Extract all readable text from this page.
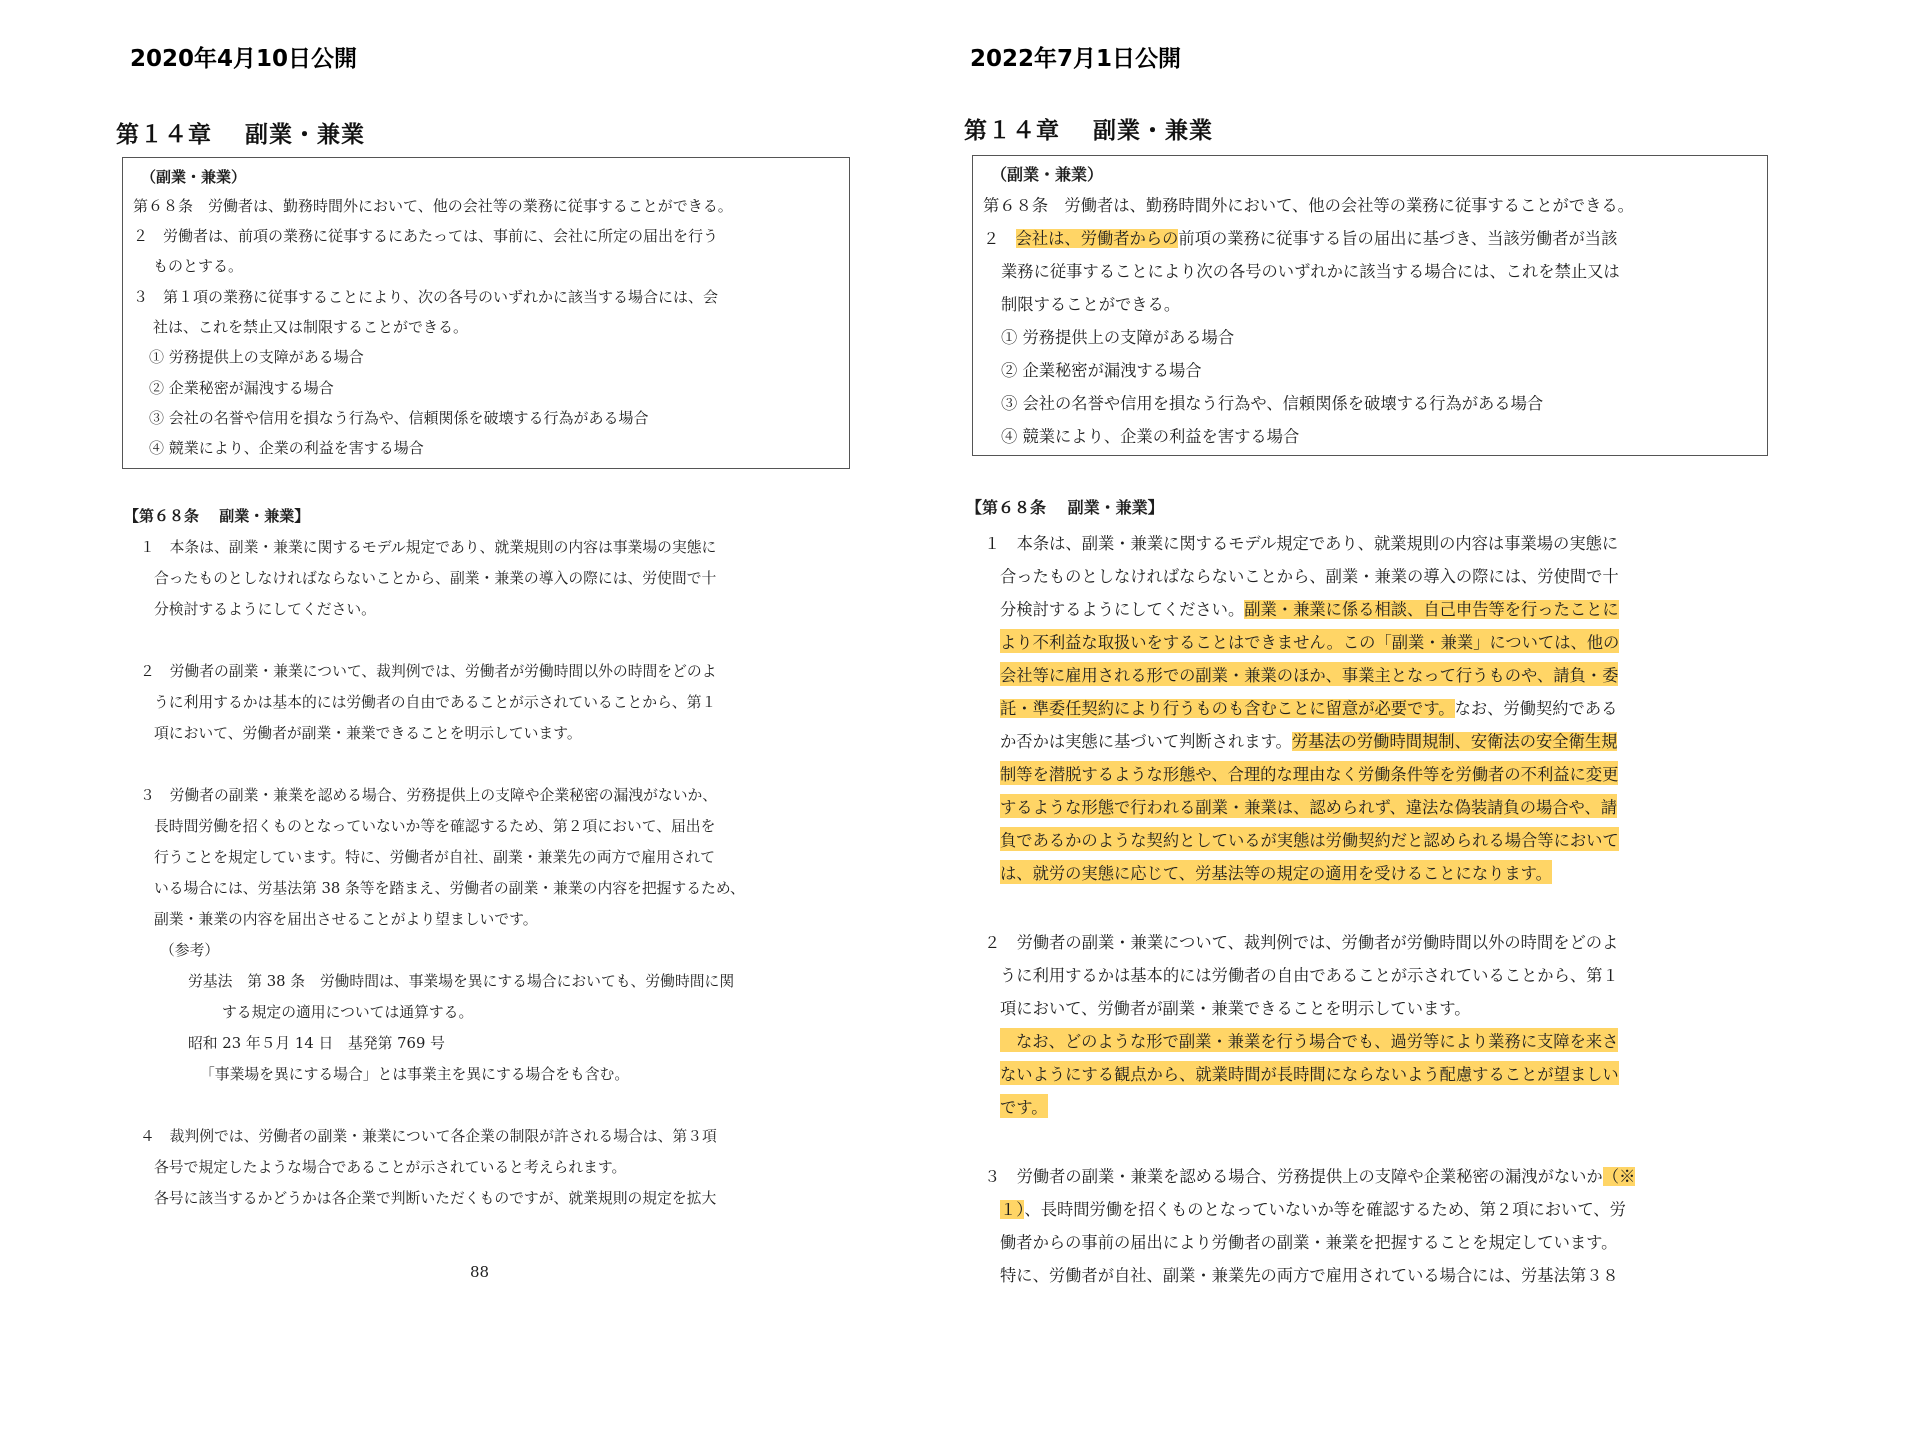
2020年4月10日公開
第１４章　 副業・兼業
（副業・兼業）
第６８条　労働者は、勤務時間外において、他の会社等の業務に従事することができる。
２　労働者は、前項の業務に従事するにあたっては、事前に、会社に所定の届出を行う
ものとする。
３　第１項の業務に従事することにより、次の各号のいずれかに該当する場合には、会
社は、これを禁止又は制限することができる。
① 労務提供上の支障がある場合
② 企業秘密が漏洩する場合
③ 会社の名誉や信用を損なう行為や、信頼関係を破壊する行為がある場合
④ 競業により、企業の利益を害する場合
【第６８条　 副業・兼業】
１　本条は、副業・兼業に関するモデル規定であり、就業規則の内容は事業場の実態に
合ったものとしなければならないことから、副業・兼業の導入の際には、労使間で十
分検討するようにしてください。
２　労働者の副業・兼業について、裁判例では、労働者が労働時間以外の時間をどのよ
うに利用するかは基本的には労働者の自由であることが示されていることから、第１
項において、労働者が副業・兼業できることを明示しています。
３　労働者の副業・兼業を認める場合、労務提供上の支障や企業秘密の漏洩がないか、
長時間労働を招くものとなっていないか等を確認するため、第２項において、届出を
行うことを規定しています。特に、労働者が自社、副業・兼業先の両方で雇用されて
いる場合には、労基法第 38 条等を踏まえ、労働者の副業・兼業の内容を把握するため、
副業・兼業の内容を届出させることがより望ましいです。
（参考）
労基法　第 38 条　労働時間は、事業場を異にする場合においても、労働時間に関
する規定の適用については通算する。
昭和 23 年５月 14 日　基発第 769 号
「事業場を異にする場合」とは事業主を異にする場合をも含む。
４　裁判例では、労働者の副業・兼業について各企業の制限が許される場合は、第３項
各号で規定したような場合であることが示されていると考えられます。
各号に該当するかどうかは各企業で判断いただくものですが、就業規則の規定を拡大
88
2022年7月1日公開
第１４章　 副業・兼業
（副業・兼業）
第６８条　労働者は、勤務時間外において、他の会社等の業務に従事することができる。
２　会社は、労働者からの前項の業務に従事する旨の届出に基づき、当該労働者が当該
業務に従事することにより次の各号のいずれかに該当する場合には、これを禁止又は
制限することができる。
① 労務提供上の支障がある場合
② 企業秘密が漏洩する場合
③ 会社の名誉や信用を損なう行為や、信頼関係を破壊する行為がある場合
④ 競業により、企業の利益を害する場合
【第６８条　 副業・兼業】
１　本条は、副業・兼業に関するモデル規定であり、就業規則の内容は事業場の実態に
合ったものとしなければならないことから、副業・兼業の導入の際には、労使間で十
分検討するようにしてください。副業・兼業に係る相談、自己申告等を行ったことに
より不利益な取扱いをすることはできません。この「副業・兼業」については、他の
会社等に雇用される形での副業・兼業のほか、事業主となって行うものや、請負・委
託・準委任契約により行うものも含むことに留意が必要です。なお、労働契約である
か否かは実態に基づいて判断されます。労基法の労働時間規制、安衛法の安全衛生規
制等を潜脱するような形態や、合理的な理由なく労働条件等を労働者の不利益に変更
するような形態で行われる副業・兼業は、認められず、違法な偽装請負の場合や、請
負であるかのような契約としているが実態は労働契約だと認められる場合等において
は、就労の実態に応じて、労基法等の規定の適用を受けることになります。
２　労働者の副業・兼業について、裁判例では、労働者が労働時間以外の時間をどのよ
うに利用するかは基本的には労働者の自由であることが示されていることから、第１
項において、労働者が副業・兼業できることを明示しています。
なお、どのような形で副業・兼業を行う場合でも、過労等により業務に支障を来さ
ないようにする観点から、就業時間が長時間にならないよう配慮することが望ましい
です。
３　労働者の副業・兼業を認める場合、労務提供上の支障や企業秘密の漏洩がないか（※
１）、長時間労働を招くものとなっていないか等を確認するため、第２項において、労
働者からの事前の届出により労働者の副業・兼業を把握することを規定しています。
特に、労働者が自社、副業・兼業先の両方で雇用されている場合には、労基法第３８
